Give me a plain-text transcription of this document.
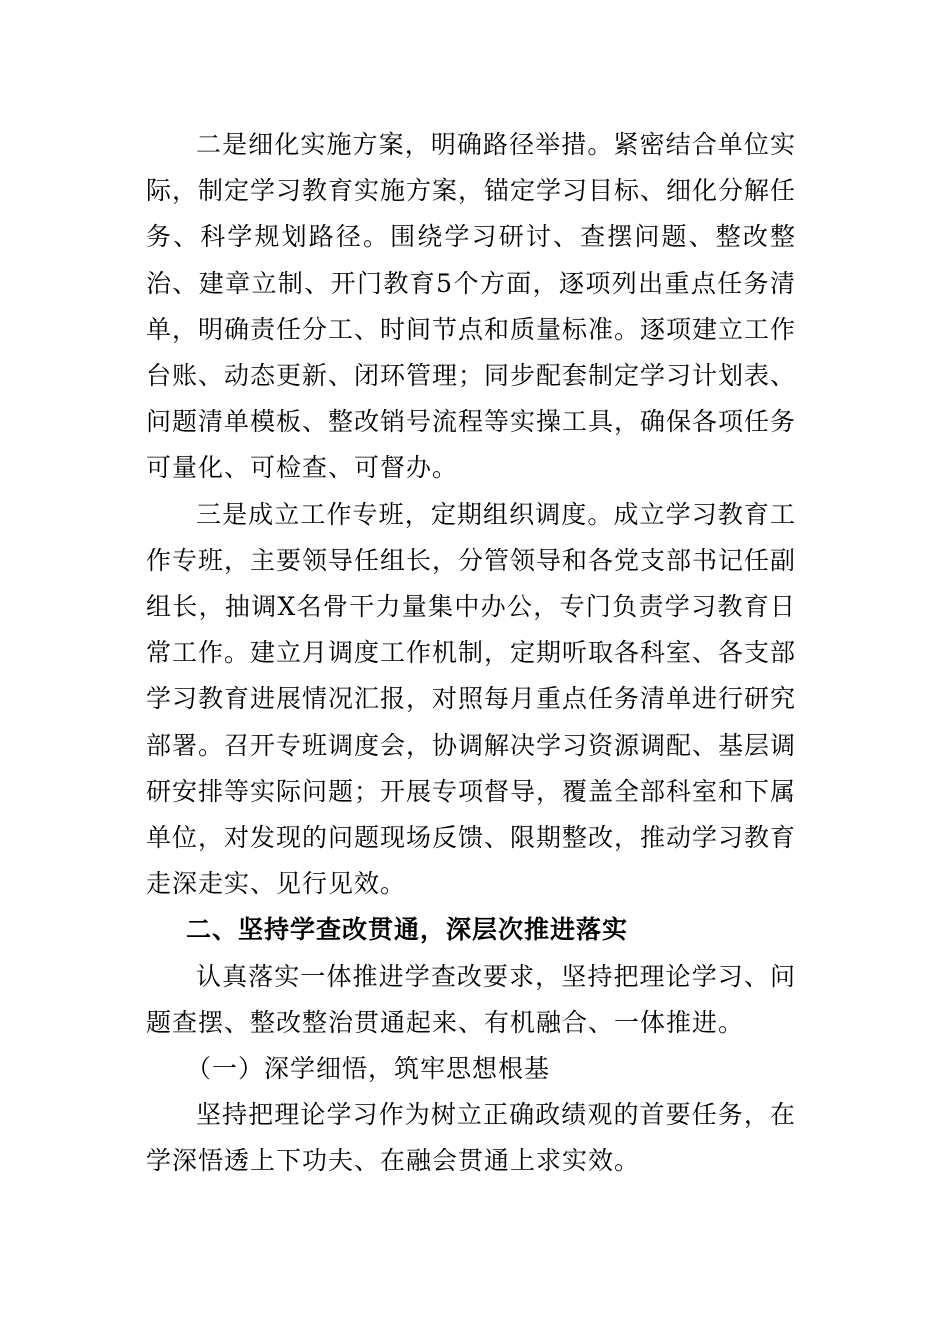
二是细化实施方案，明确路径举措。紧密结合单位实际，制定学习教育实施方案，锚定学习目标、细化分解任务、科学规划路径。围绕学习研讨、查摆问题、整改整治、建章立制、开门教育5个方面，逐项列出重点任务清单，明确责任分工、时间节点和质量标准。逐项建立工作台账、动态更新、闭环管理；同步配套制定学习计划表、问题清单模板、整改销号流程等实操工具，确保各项任务可量化、可检查、可督办。

三是成立工作专班，定期组织调度。成立学习教育工作专班，主要领导任组长，分管领导和各党支部书记任副组长，抽调X名骨干力量集中办公，专门负责学习教育日常工作。建立月调度工作机制，定期听取各科室、各支部学习教育进展情况汇报，对照每月重点任务清单进行研究部署。召开专班调度会，协调解决学习资源调配、基层调研安排等实际问题；开展专项督导，覆盖全部科室和下属单位，对发现的问题现场反馈、限期整改，推动学习教育走深走实、见行见效。

二、坚持学查改贯通，深层次推进落实

认真落实一体推进学查改要求，坚持把理论学习、问题查摆、整改整治贯通起来、有机融合、一体推进。

（一）深学细悟，筑牢思想根基

坚持把理论学习作为树立正确政绩观的首要任务，在学深悟透上下功夫、在融会贯通上求实效。
